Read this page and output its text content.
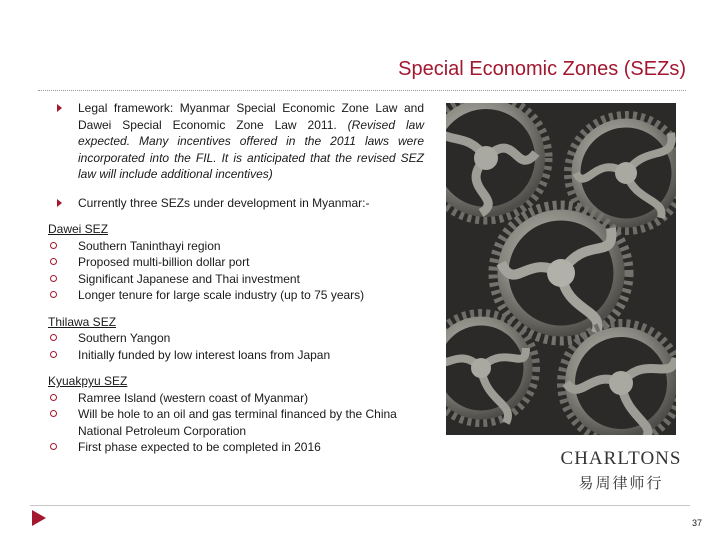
Special Economic Zones (SEZs)
Legal framework: Myanmar Special Economic Zone Law and Dawei Special Economic Zone Law 2011. (Revised law expected. Many incentives offered in the 2011 laws were incorporated into the FIL. It is anticipated that the revised SEZ law will include additional incentives)
Currently three SEZs under development in Myanmar:-
Dawei SEZ
Southern Taninthayi region
Proposed multi-billion dollar port
Significant Japanese and Thai investment
Longer tenure for large scale industry (up to 75 years)
Thilawa SEZ
Southern Yangon
Initially funded by low interest loans from Japan
Kyuakpyu SEZ
Ramree Island (western coast of Myanmar)
Will be hole to an oil and gas terminal financed by the China National Petroleum Corporation
First phase expected to be completed in 2016
CHARLTONS
易周律师行
37
